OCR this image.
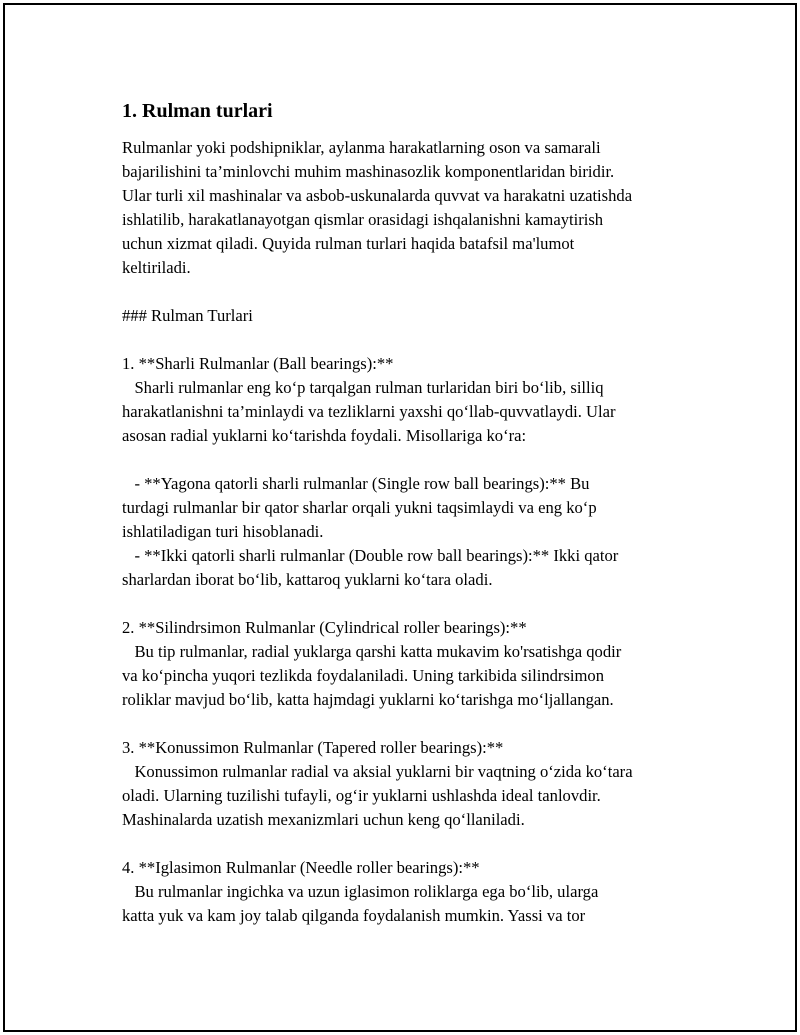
1. Rulman turlari
Rulmanlar yoki podshipniklar, aylanma harakatlarning oson va samarali
bajarilishini ta’minlovchi muhim mashinasozlik komponentlaridan biridir.
Ular turli xil mashinalar va asbob-uskunalarda quvvat va harakatni uzatishda
ishlatilib, harakatlanayotgan qismlar orasidagi ishqalanishni kamaytirish
uchun xizmat qiladi. Quyida rulman turlari haqida batafsil ma'lumot
keltiriladi.
### Rulman Turlari
1. **Sharli Rulmanlar (Ball bearings):**
Sharli rulmanlar eng ko‘p tarqalgan rulman turlaridan biri bo‘lib, silliq
harakatlanishni ta’minlaydi va tezliklarni yaxshi qo‘llab-quvvatlaydi. Ular
asosan radial yuklarni ko‘tarishda foydali. Misollariga ko‘ra:
- **Yagona qatorli sharli rulmanlar (Single row ball bearings):** Bu
turdagi rulmanlar bir qator sharlar orqali yukni taqsimlaydi va eng ko‘p
ishlatiladigan turi hisoblanadi.
- **Ikki qatorli sharli rulmanlar (Double row ball bearings):** Ikki qator
sharlardan iborat bo‘lib, kattaroq yuklarni ko‘tara oladi.
2. **Silindrsimon Rulmanlar (Cylindrical roller bearings):**
Bu tip rulmanlar, radial yuklarga qarshi katta mukavim ko'rsatishga qodir
va ko‘pincha yuqori tezlikda foydalaniladi. Uning tarkibida silindrsimon
roliklar mavjud bo‘lib, katta hajmdagi yuklarni ko‘tarishga mo‘ljallangan.
3. **Konussimon Rulmanlar (Tapered roller bearings):**
Konussimon rulmanlar radial va aksial yuklarni bir vaqtning o‘zida ko‘tara
oladi. Ularning tuzilishi tufayli, og‘ir yuklarni ushlashda ideal tanlovdir.
Mashinalarda uzatish mexanizmlari uchun keng qo‘llaniladi.
4. **Iglasimon Rulmanlar (Needle roller bearings):**
Bu rulmanlar ingichka va uzun iglasimon roliklarga ega bo‘lib, ularga
katta yuk va kam joy talab qilganda foydalanish mumkin. Yassi va tor
